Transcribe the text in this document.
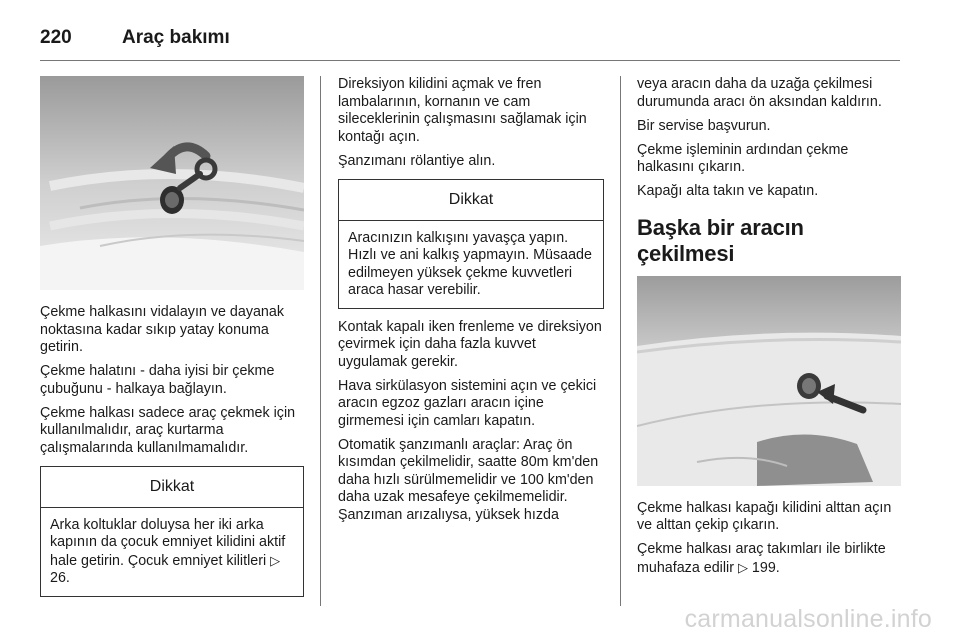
220	Araç bakımı

Çekme halkasını vidalayın ve dayanak noktasına kadar sıkıp yatay konuma getirin.

Çekme halatını - daha iyisi bir çekme çubuğunu - halkaya bağlayın.

Çekme halkası sadece araç çekmek için kullanılmalıdır, araç kurtarma çalışmalarında kullanılmamalıdır.

Dikkat
Arka koltuklar doluysa her iki arka kapının da çocuk emniyet kilidini aktif hale getirin. Çocuk emniyet kilitleri ▷ 26.

Direksiyon kilidini açmak ve fren lambalarının, kornanın ve cam sileceklerinin çalışmasını sağlamak için kontağı açın.

Şanzımanı rölantiye alın.

Dikkat
Aracınızın kalkışını yavaşça yapın. Hızlı ve ani kalkış yapmayın. Müsaade edilmeyen yüksek çekme kuvvetleri araca hasar verebilir.

Kontak kapalı iken frenleme ve direksiyon çevirmek için daha fazla kuvvet uygulamak gerekir.

Hava sirkülasyon sistemini açın ve çekici aracın egzoz gazları aracın içine girmemesi için camları kapatın.

Otomatik şanzımanlı araçlar: Araç ön kısımdan çekilmelidir, saatte 80m km'den daha hızlı sürülmemelidir ve 100 km'den daha uzak mesafeye çekilmemelidir. Şanzıman arızalıysa, yüksek hızda

veya aracın daha da uzağa çekilmesi durumunda aracı ön aksından kaldırın.

Bir servise başvurun.

Çekme işleminin ardından çekme halkasını çıkarın.

Kapağı alta takın ve kapatın.

Başka bir aracın çekilmesi

Çekme halkası kapağı kilidini alttan açın ve alttan çekip çıkarın.

Çekme halkası araç takımları ile birlikte muhafaza edilir ▷ 199.

carmanualsonline.info
